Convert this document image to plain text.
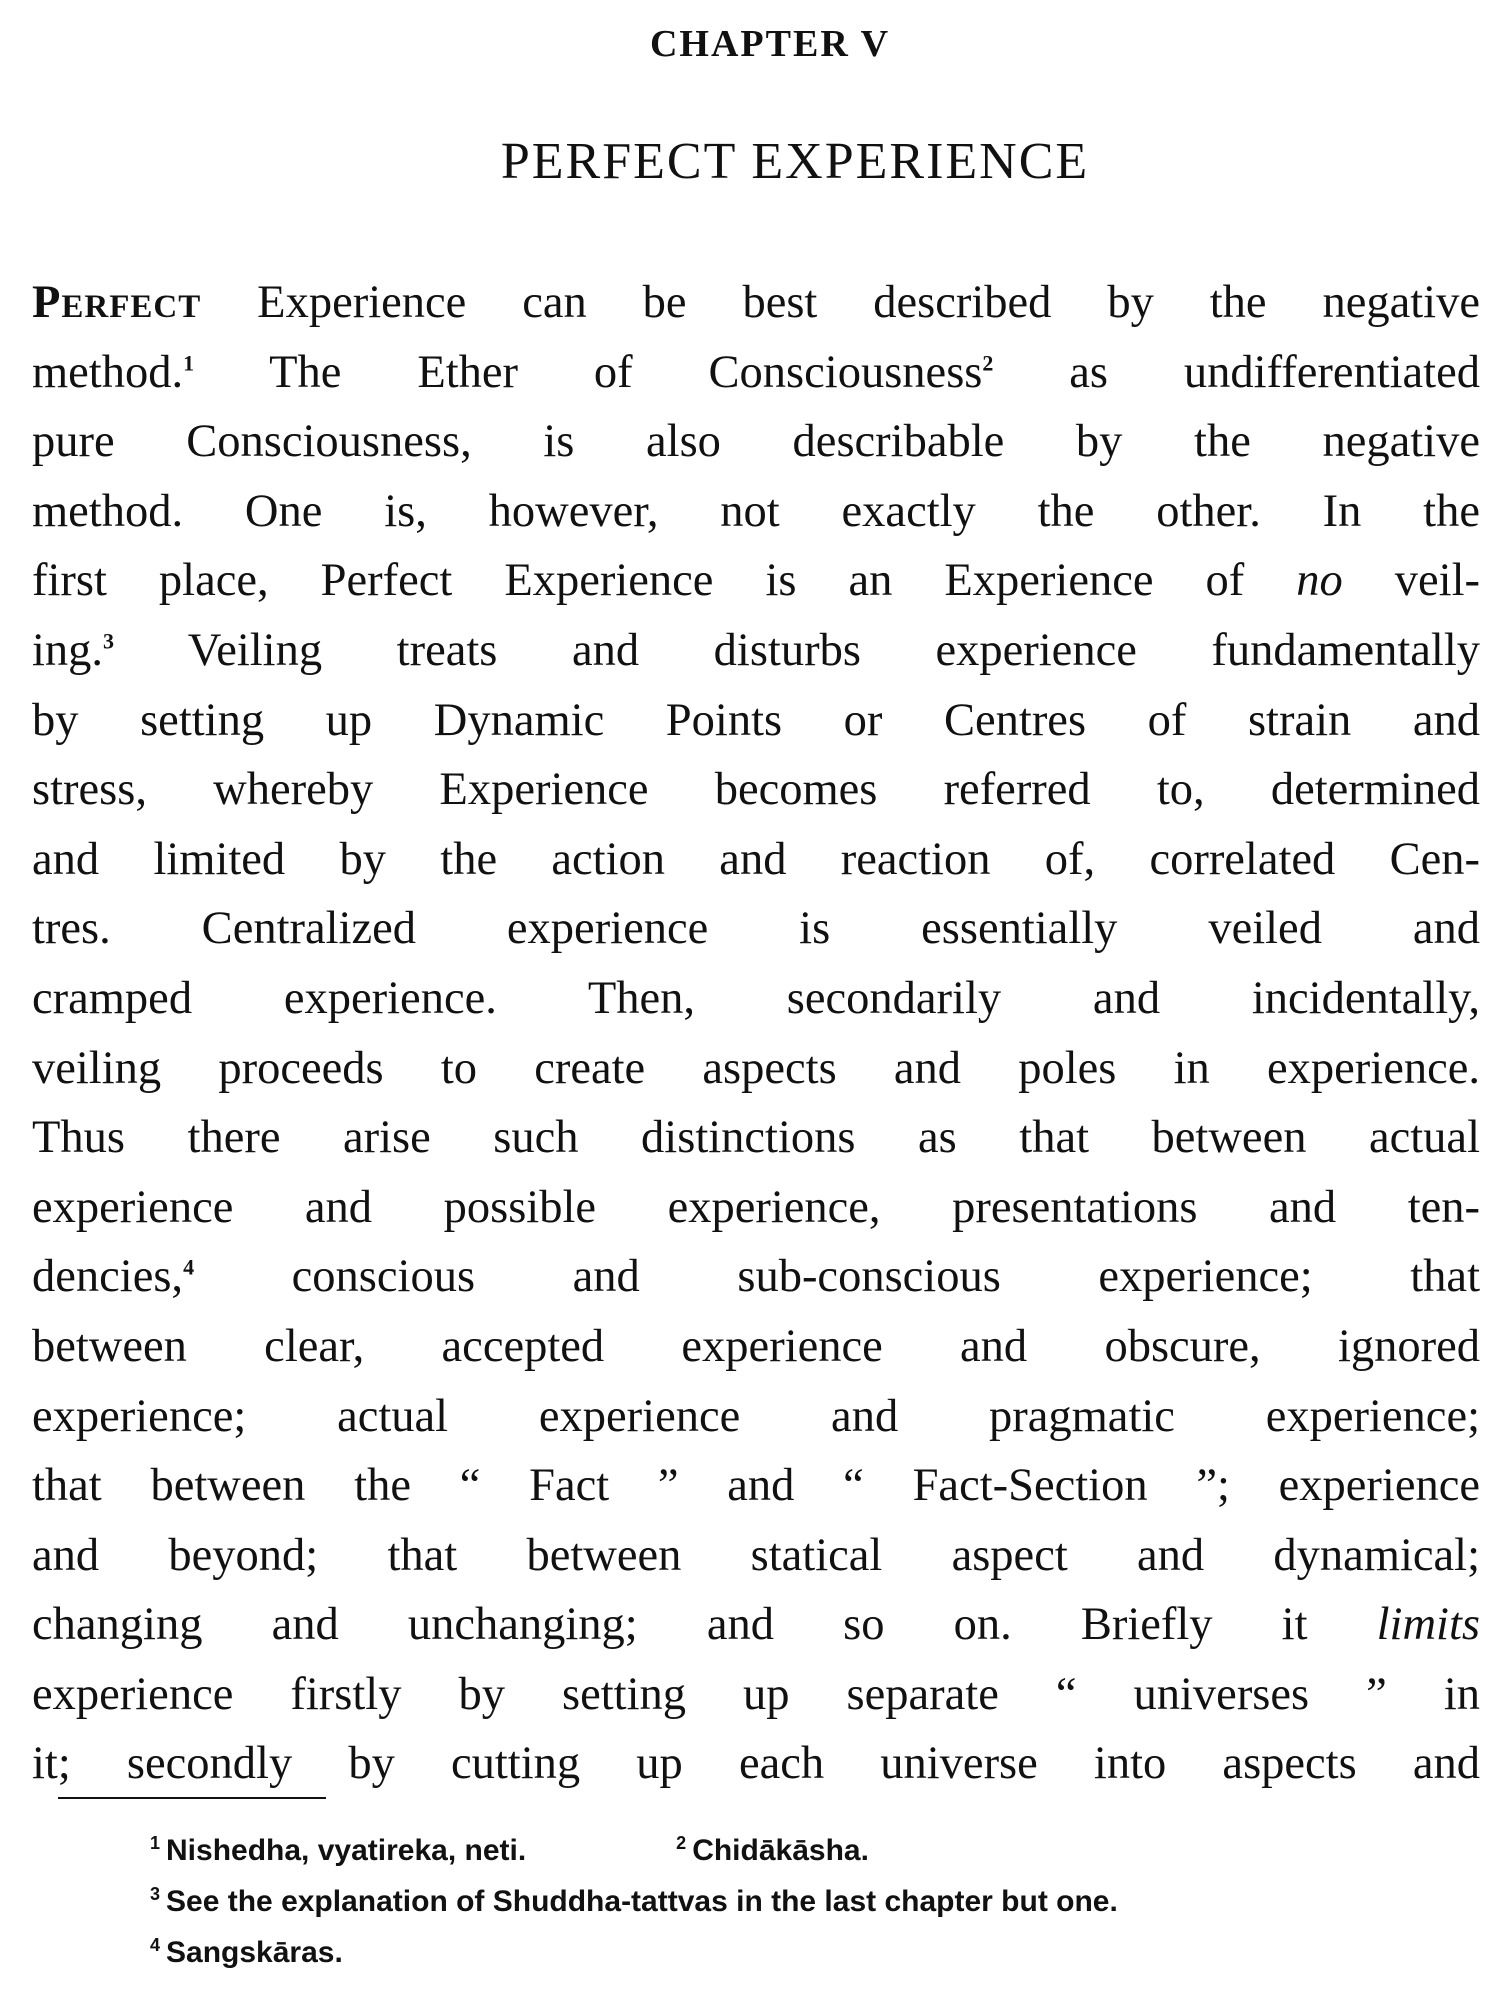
CHAPTER V
PERFECT EXPERIENCE
Perfect Experience can be best described by the negative
method.$^1$ The Ether of Consciousness$^2$ as undifferentiated
pure Consciousness, is also describable by the negative
method. One is, however, not exactly the other. In the
first place, Perfect Experience is an Experience of no veil-
ing.$^3$ Veiling treats and disturbs experience fundamentally
by setting up Dynamic Points or Centres of strain and
stress, whereby Experience becomes referred to, determined
and limited by the action and reaction of, correlated Cen-
tres. Centralized experience is essentially veiled and
cramped experience. Then, secondarily and incidentally,
veiling proceeds to create aspects and poles in experience.
Thus there arise such distinctions as that between actual
experience and possible experience, presentations and ten-
dencies,$^4$ conscious and sub-conscious experience; that
between clear, accepted experience and obscure, ignored
experience; actual experience and pragmatic experience;
that between the “ Fact ” and “ Fact-Section ”; experience
and beyond; that between statical aspect and dynamical;
changing and unchanging; and so on. Briefly it limits
experience firstly by setting up separate “ universes ” in
it; secondly by cutting up each universe into aspects and
$^1$ Nishedha, vyatireka, neti.	$^2$ Chidākāsha.
$^3$ See the explanation of Shuddha-tattvas in the last chapter but one.
$^4$ Sangskāras.
